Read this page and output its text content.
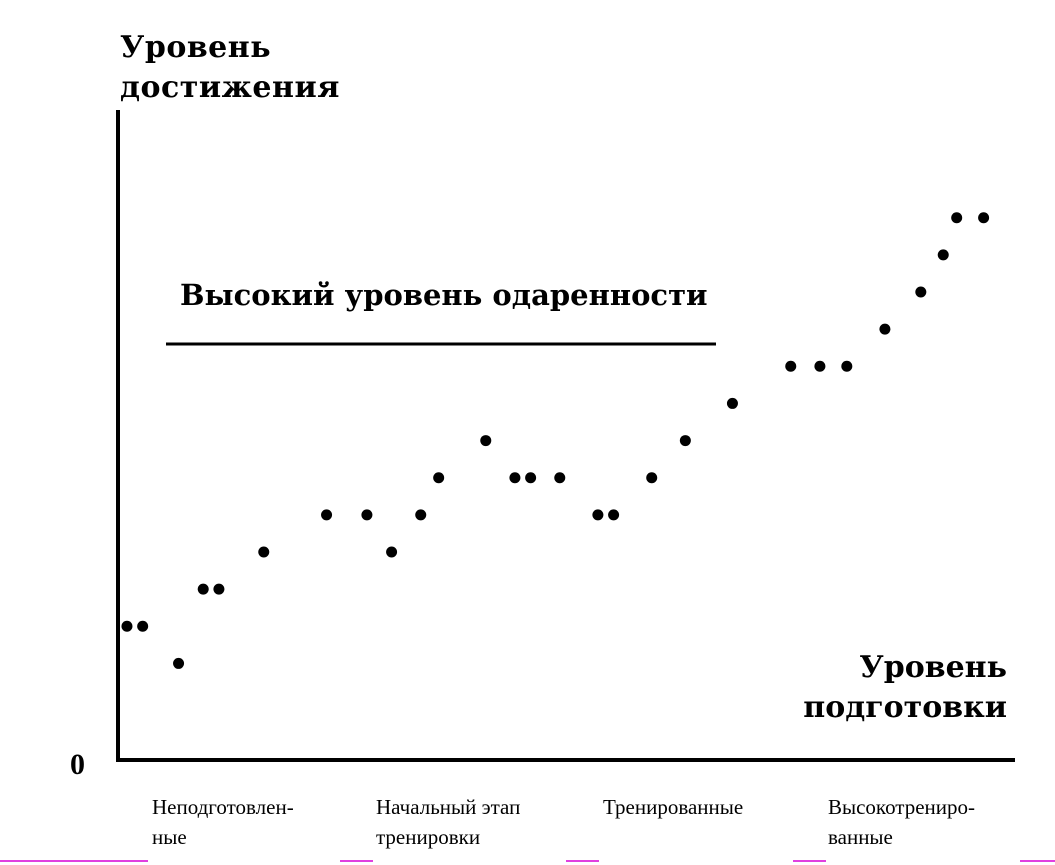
Уровень
достижения
Уровень
подготовки
0
Высокий уровень одаренности
Неподготовлен-
ные
Начальный этап
тренировки
Тренированные	Высокотрениро-
ванные
